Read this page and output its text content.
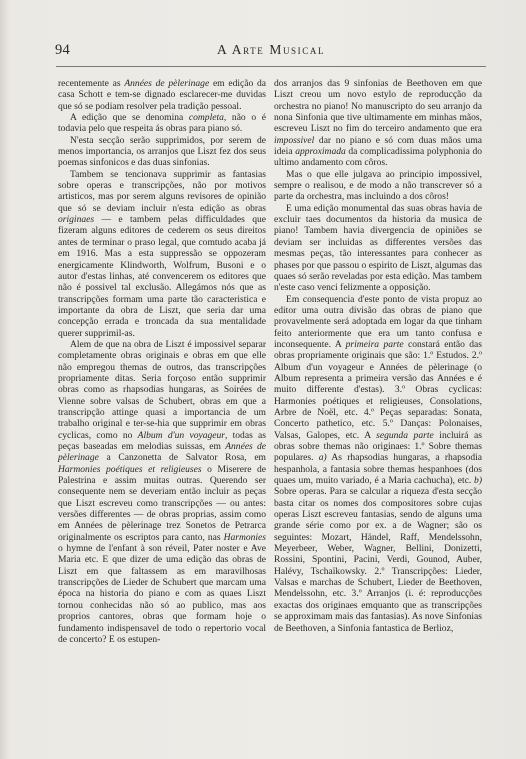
94	A Arte Musical

recentemente as Années de pèlerinage em edição da casa Schott e tem-se dignado esclarecer-me duvidas que só se podiam resolver pela tradição pessoal.

A edição que se denomina completa, não o é todavia pelo que respeita ás obras para piano só.

N'esta secção serão supprimidos, por serem de menos importancia, os arranjos que Liszt fez dos seus poemas sinfonicos e das duas sinfonias.

Tambem se tencionava supprimir as fantasias sobre operas e transcripções, não por motivos artisticos, mas por serem alguns revisores de opinião que só se deviam incluir n'esta edição as obras originaes — e tambem pelas difficuldades que fizeram alguns editores de cederem os seus direitos antes de terminar o praso legal, que comtudo acaba já em 1916. Mas a esta suppressão se oppozeram energicamente Klindworth, Wolfrum, Busoni e o autor d'estas linhas, até convencerem os editores que não é possivel tal exclusão. Allegámos nós que as transcripções formam uma parte tão caracteristica e importante da obra de Liszt, que seria dar uma concepção errada e troncada da sua mentalidade querer supprimil-as.

Alem de que na obra de Liszt é impossivel separar completamente obras originais e obras em que elle não empregou themas de outros, das transcripções propriamente ditas. Seria forçoso então supprimir obras como as rhapsodias hungaras, as Soirées de Vienne sobre valsas de Schubert, obras em que a transcripção attinge quasi a importancia de um trabalho original e ter-se-hia que supprimir em obras cyclicas, como no Album d'un voyageur, todas as peças baseadas em melodias suissas, em Années de pèlerinage a Canzonetta de Salvator Rosa, em Harmonies poétiques et religieuses o Miserere de Palestrina e assim muitas outras. Querendo ser consequente nem se deveriam então incluir as peças que Liszt escreveu como transcripções — ou antes: versões differentes — de obras proprias, assim como em Années de pèlerinage trez Sonetos de Petrarca originalmente os escriptos para canto, nas Harmonies o hymne de l'enfant à son réveil, Pater noster e Ave Maria etc. E que dizer de uma edição das obras de Liszt em que faltassem as em maravilhosas transcripções de Lieder de Schubert que marcam uma época na historia do piano e com as quaes Liszt tornou conhecidas não só ao publico, mas aos proprios cantores, obras que formam hoje o fundamento indispensavel de todo o repertorio vocal de concerto? E os estupen-

dos arranjos das 9 sinfonias de Beethoven em que Liszt creou um novo estylo de reproducção da orchestra no piano! No manuscripto do seu arranjo da nona Sinfonia que tive ultimamente em minhas mãos, escreveu Liszt no fim do terceiro andamento que era impossivel dar no piano e só com duas mãos uma ideia approximada da complicadissima polyphonia do ultimo andamento com côros.

Mas o que elle julgava ao principio impossivel, sempre o realisou, e de modo a não transcrever só a parte da orchestra, mas incluindo a dos côros!

E uma edição monumental das suas obras havia de excluir taes documentos da historia da musica de piano! Tambem havia divergencia de opiniões se deviam ser incluidas as differentes versões das mesmas peças, tão interessantes para conhecer as phases por que passou o espirito de Liszt, algumas das quaes só serão reveladas por esta edição. Mas tambem n'este caso venci felizmente a opposição.

Em consequencia d'este ponto de vista propuz ao editor uma outra divisão das obras de piano que provavelmente será adoptada em logar da que tinham feito anteriormente que era um tanto confusa e inconsequente. A primeira parte constará então das obras propriamente originais que são: 1.º Estudos. 2.º Album d'un voyageur e Années de pèlerinage (o Album representa a primeira versão das Années e é muito differente d'estas). 3.º Obras cyclicas: Harmonies poétiques et religieuses, Consolations, Arbre de Noël, etc. 4.º Peças separadas: Sonata, Concerto pathetico, etc. 5.º Danças: Polonaises, Valsas, Galopes, etc. A segunda parte incluirá as obras sobre themas não originaes: 1.º Sobre themas populares. a) As rhapsodias hungaras, a rhapsodia hespanhola, a fantasia sobre themas hespanhoes (dos quaes um, muito variado, é a Maria cachucha), etc. b) Sobre operas. Para se calcular a riqueza d'esta secção basta citar os nomes dos compositores sobre cujas operas Liszt escreveu fantasias, sendo de alguns uma grande série como por ex. a de Wagner; são os seguintes: Mozart, Händel, Raff, Mendelssohn, Meyerbeer, Weber, Wagner, Bellini, Donizetti, Rossini, Spontini, Pacini, Verdi, Gounod, Auber, Halévy, Tschaïkowsky. 2.º Transcripções: Lieder, Valsas e marchas de Schubert, Lieder de Beethoven, Mendelssohn, etc. 3.º Arranjos (i. é: reproducções exactas dos originaes emquanto que as transcripções se approximam mais das fantasias). As nove Sinfonias de Beethoven, a Sinfonia fantastica de Berlioz,
